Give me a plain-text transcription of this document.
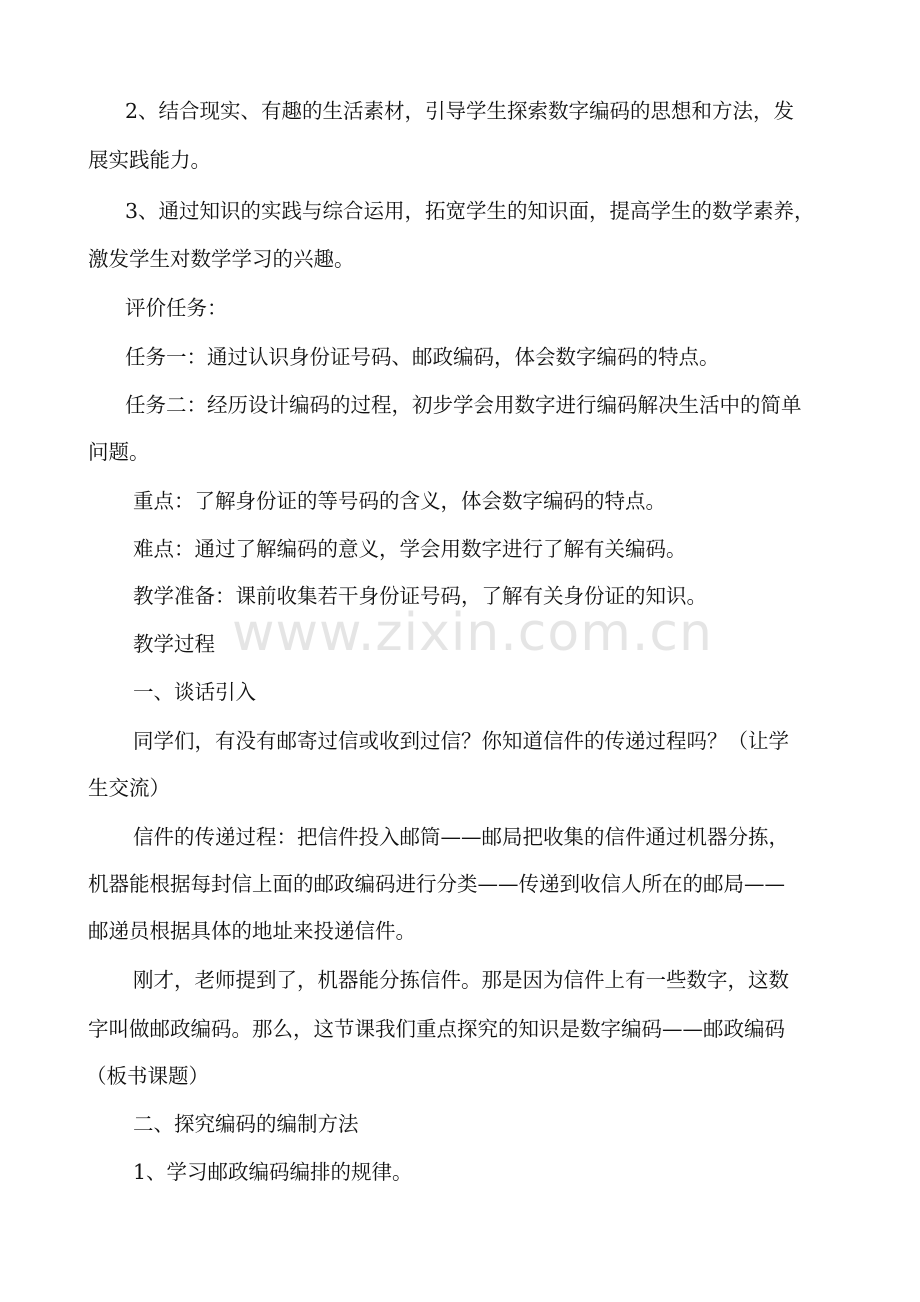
2、结合现实、有趣的生活素材，引导学生探索数字编码的思想和方法，发
展实践能力。
3、通过知识的实践与综合运用，拓宽学生的知识面，提高学生的数学素养，
激发学生对数学学习的兴趣。
评价任务：
任务一：通过认识身份证号码、邮政编码，体会数字编码的特点。
任务二：经历设计编码的过程，初步学会用数字进行编码解决生活中的简单
问题。
重点：了解身份证的等号码的含义，体会数字编码的特点。
难点：通过了解编码的意义，学会用数字进行了解有关编码。
教学准备：课前收集若干身份证号码，了解有关身份证的知识。
教学过程
一、谈话引入
同学们，有没有邮寄过信或收到过信？你知道信件的传递过程吗？（让学
生交流）
信件的传递过程：把信件投入邮筒——邮局把收集的信件通过机器分拣，
机器能根据每封信上面的邮政编码进行分类——传递到收信人所在的邮局——
邮递员根据具体的地址来投递信件。
刚才，老师提到了，机器能分拣信件。那是因为信件上有一些数字，这数
字叫做邮政编码。那么，这节课我们重点探究的知识是数字编码——邮政编码
（板书课题）
二、探究编码的编制方法
1、学习邮政编码编排的规律。
www.zixin.com.cn
